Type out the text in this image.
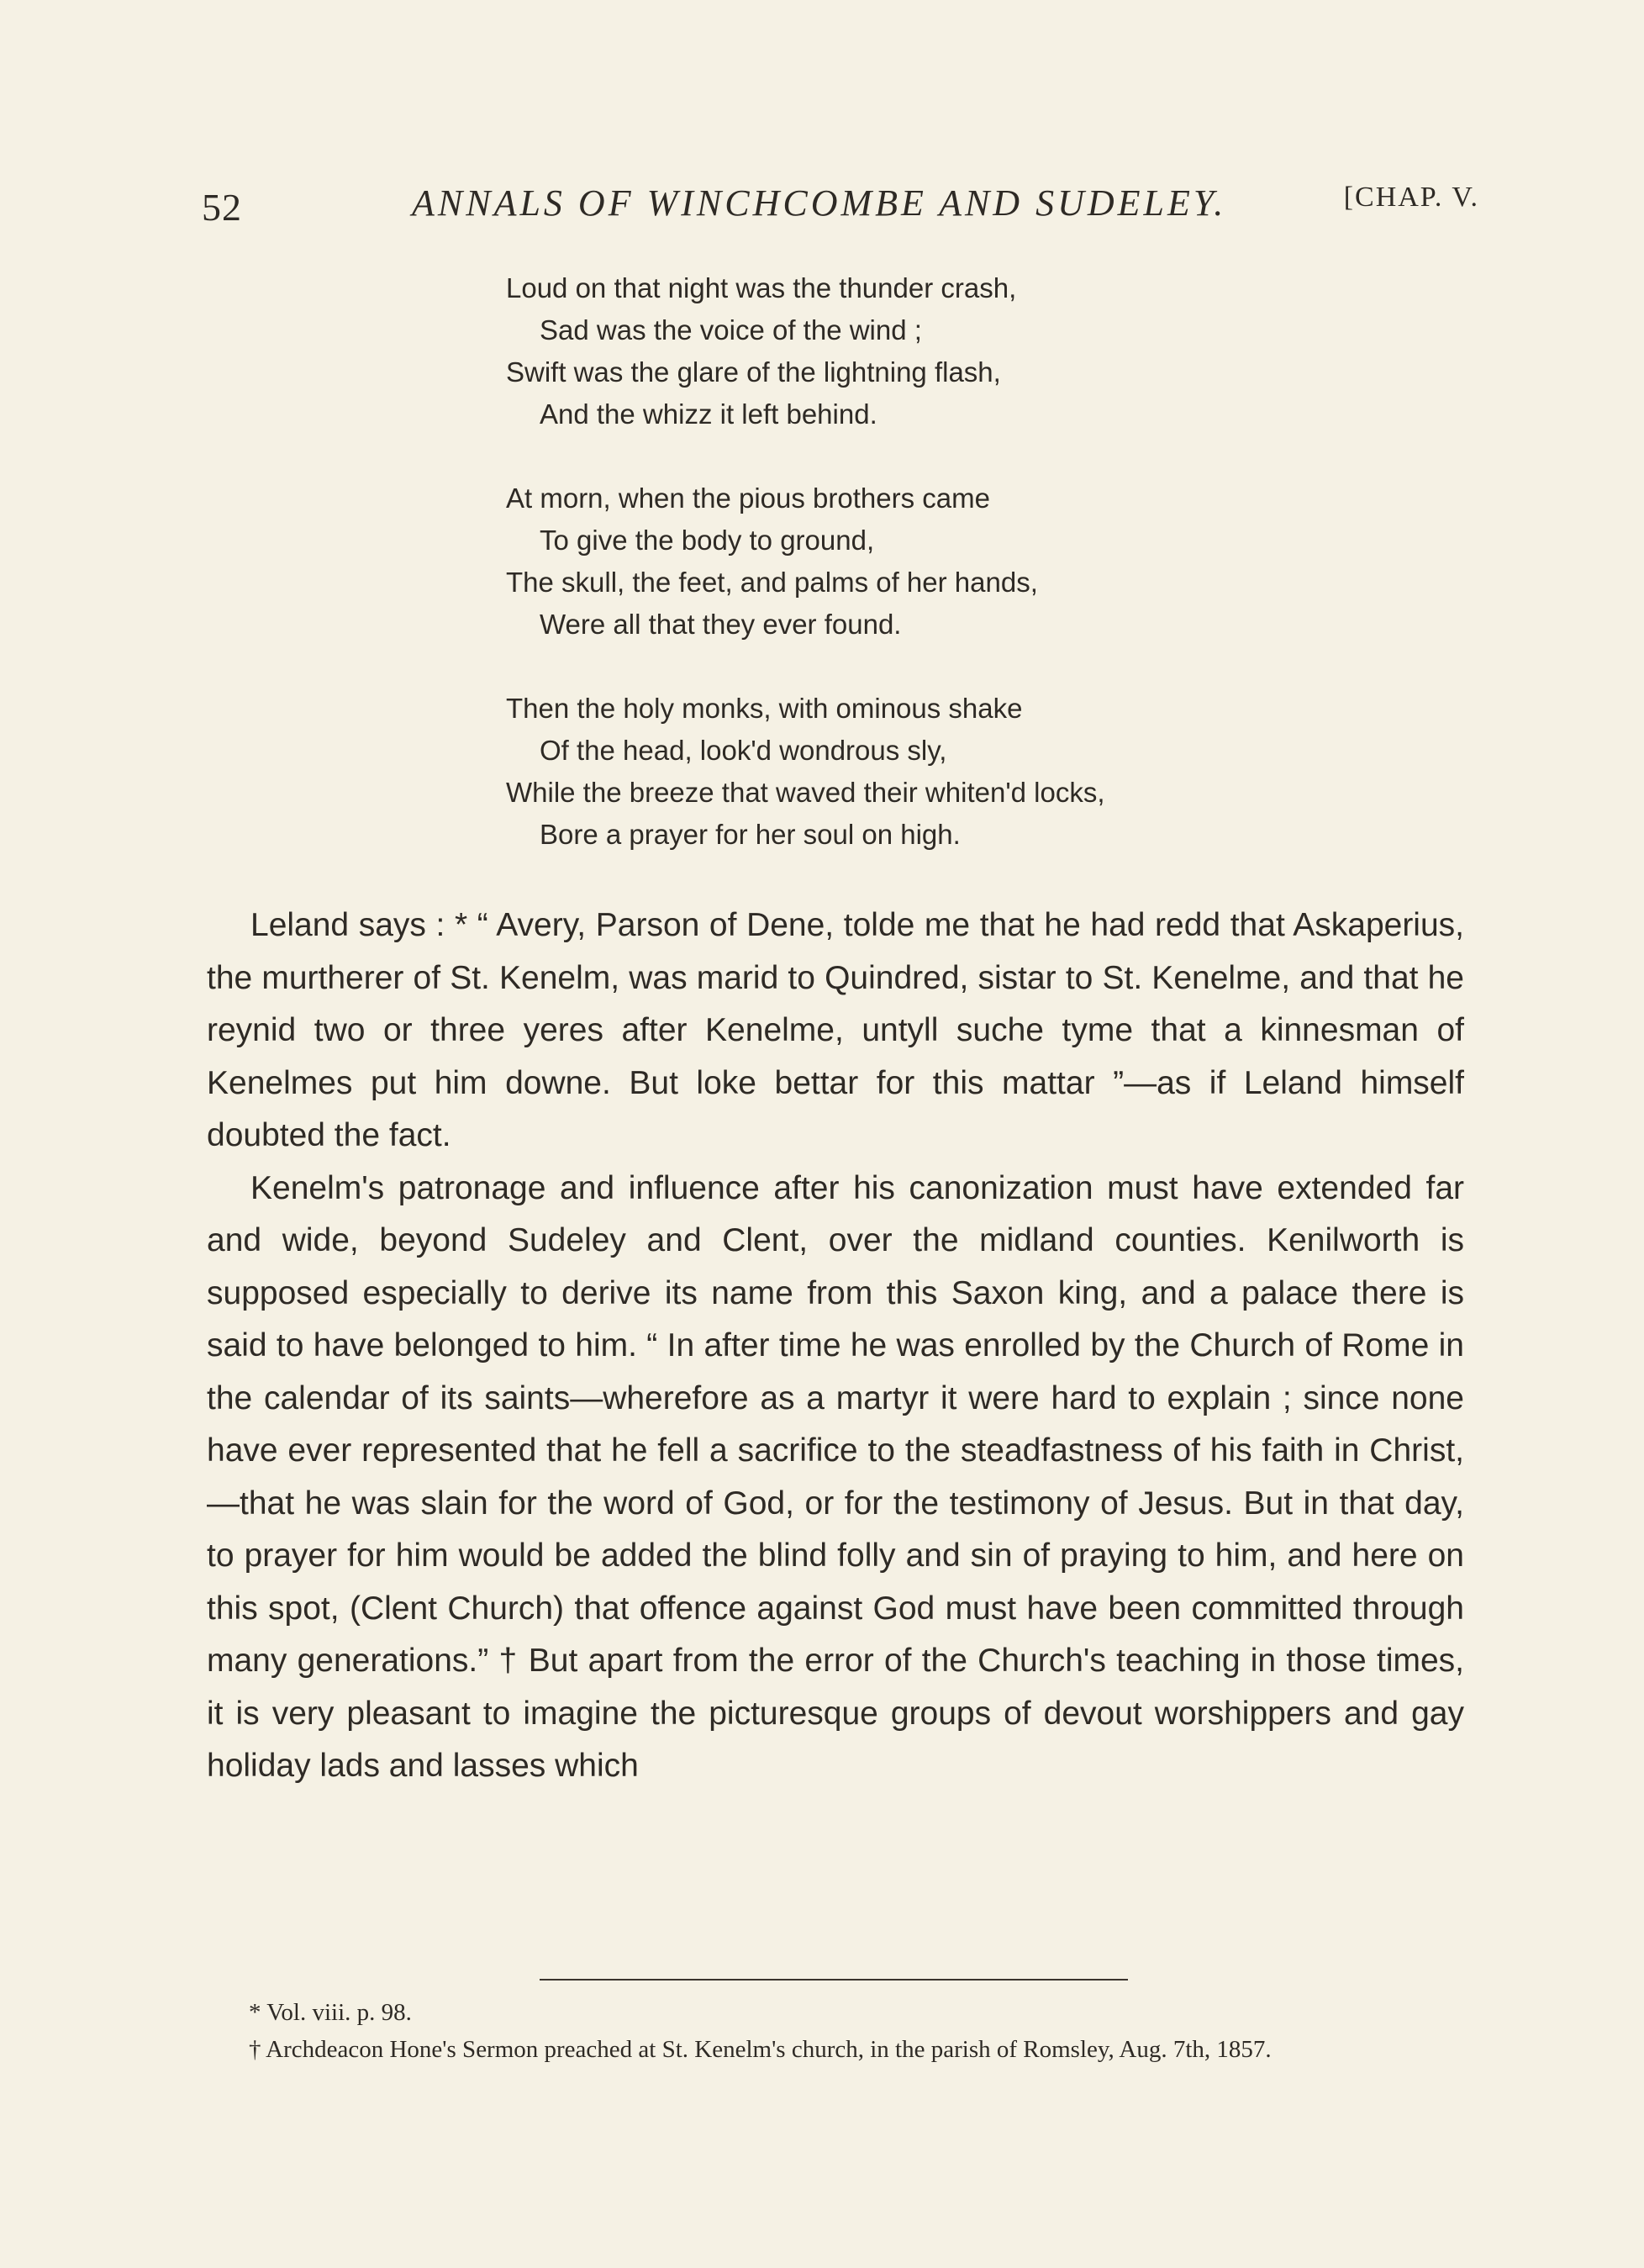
52	ANNALS OF WINCHCOMBE AND SUDELEY.	[CHAP. V.
Loud on that night was the thunder crash,
Sad was the voice of the wind ;
Swift was the glare of the lightning flash,
And the whizz it left behind.
At morn, when the pious brothers came
To give the body to ground,
The skull, the feet, and palms of her hands,
Were all that they ever found.
Then the holy monks, with ominous shake
Of the head, look'd wondrous sly,
While the breeze that waved their whiten'd locks,
Bore a prayer for her soul on high.

Leland says : * “ Avery, Parson of Dene, tolde me that he had redd that Askaperius, the murtherer of St. Kenelm, was marid to Quindred, sistar to St. Kenelme, and that he reynid two or three yeres after Kenelme, untyll suche tyme that a kinnesman of Kenelmes put him downe. But loke bettar for this mattar ”—as if Leland himself doubted the fact.

Kenelm's patronage and influence after his canonization must have extended far and wide, beyond Sudeley and Clent, over the midland counties. Kenilworth is supposed especially to derive its name from this Saxon king, and a palace there is said to have belonged to him. “ In after time he was enrolled by the Church of Rome in the calendar of its saints—wherefore as a martyr it were hard to explain ; since none have ever represented that he fell a sacrifice to the steadfastness of his faith in Christ,—that he was slain for the word of God, or for the testimony of Jesus. But in that day, to prayer for him would be added the blind folly and sin of praying to him, and here on this spot, (Clent Church) that offence against God must have been committed through many generations.” † But apart from the error of the Church's teaching in those times, it is very pleasant to imagine the picturesque groups of devout worshippers and gay holiday lads and lasses which

* Vol. viii. p. 98.

† Archdeacon Hone's Sermon preached at St. Kenelm's church, in the parish of Romsley, Aug. 7th, 1857.
